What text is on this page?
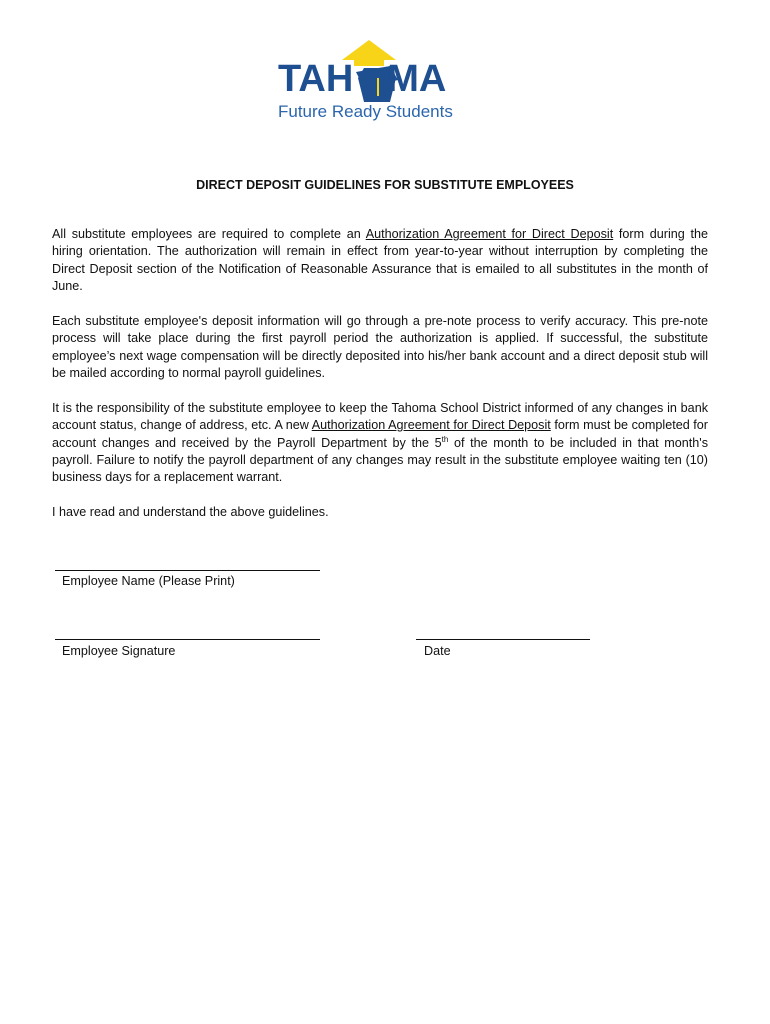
TAH MA
Future Ready Students
DIRECT DEPOSIT GUIDELINES FOR SUBSTITUTE EMPLOYEES
All substitute employees are required to complete an Authorization Agreement for Direct Deposit form during the hiring orientation. The authorization will remain in effect from year-to-year without interruption by completing the Direct Deposit section of the Notification of Reasonable Assurance that is emailed to all substitutes in the month of June.
Each substitute employee's deposit information will go through a pre-note process to verify accuracy. This pre-note process will take place during the first payroll period the authorization is applied. If successful, the substitute employee’s next wage compensation will be directly deposited into his/her bank account and a direct deposit stub will be mailed according to normal payroll guidelines.
It is the responsibility of the substitute employee to keep the Tahoma School District informed of any changes in bank account status, change of address, etc. A new Authorization Agreement for Direct Deposit form must be completed for account changes and received by the Payroll Department by the 5th of the month to be included in that month's payroll. Failure to notify the payroll department of any changes may result in the substitute employee waiting ten (10) business days for a replacement warrant.
I have read and understand the above guidelines.
Employee Name (Please Print)
Employee Signature	Date
